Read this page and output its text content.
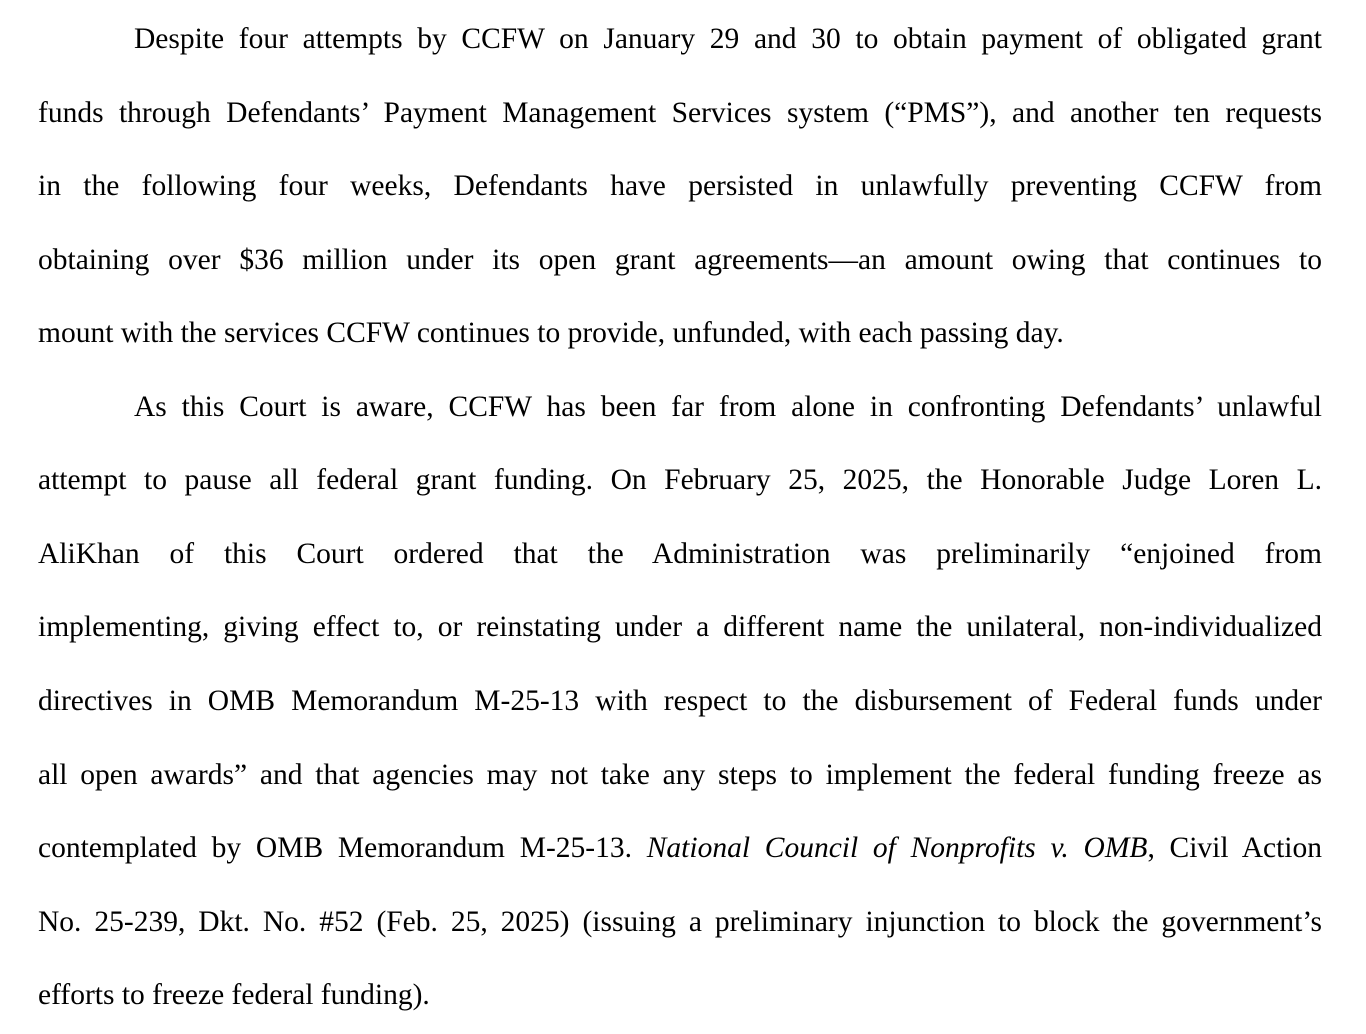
Despite four attempts by CCFW on January 29 and 30 to obtain payment of obligated grant
funds through Defendants’ Payment Management Services system (“PMS”), and another ten requests
in the following four weeks, Defendants have persisted in unlawfully preventing CCFW from
obtaining over $36 million under its open grant agreements—an amount owing that continues to
mount with the services CCFW continues to provide, unfunded, with each passing day.
As this Court is aware, CCFW has been far from alone in confronting Defendants’ unlawful
attempt to pause all federal grant funding. On February 25, 2025, the Honorable Judge Loren L.
AliKhan of this Court ordered that the Administration was preliminarily “enjoined from
implementing, giving effect to, or reinstating under a different name the unilateral, non-individualized
directives in OMB Memorandum M-25-13 with respect to the disbursement of Federal funds under
all open awards” and that agencies may not take any steps to implement the federal funding freeze as
contemplated by OMB Memorandum M-25-13. National Council of Nonprofits v. OMB, Civil Action
No. 25-239, Dkt. No. #52 (Feb. 25, 2025) (issuing a preliminary injunction to block the government’s
efforts to freeze federal funding).
